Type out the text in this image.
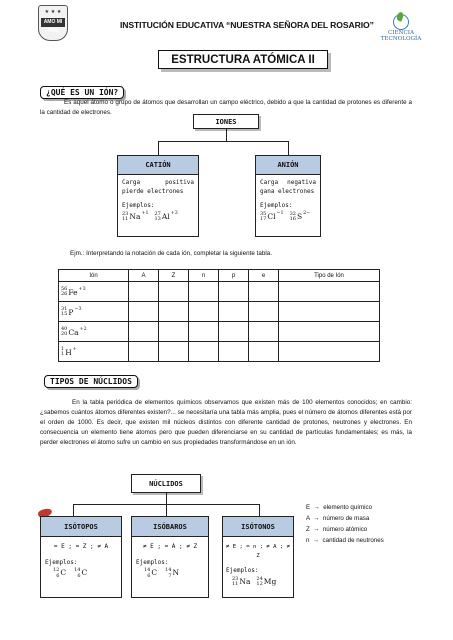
★ ★ ★
AMO MI PAIS
INSTITUCIÓN EDUCATIVA “NUESTRA SEÑORA DEL ROSARIO”
CIENCIA
TECNOLOGÍA
ESTRUCTURA ATÓMICA II
¿QUÉ ES UN IÓN?
Es aquel átomo o grupo de átomos que desarrollan un campo eléctrico, debido a que la cantidad de protones es diferente a la cantidad de electrones.
IONES
CATIÓN
Carga positiva pierde electrones
Ejemplos:
23
11 Na +1 27
13 Al +3
ANIÓN
Carga negativa gana electrones
Ejemplos:
35
17 Cl −1 32
16 S 2−
Ejm.: Interpretando la notación de cada ión, completar la siguiente tabla.
Ión	A	Z	n	p	e	Tipo de Ión

56
26 Fe +3						

31
15 P −3						

40
20 Ca +2						

1
1 H +						

TIPOS DE NÚCLIDOS
En la tabla periódica de elementos químicos observamos que existen más de 100 elementos conocidos; en cambio: ¿sabemos cuántos átomos diferentes existen?... se necesitaría una tabla más amplia, pues el número de átomos diferentes está por el orden de 1000. Es decir, que existen mil núcleos distintos con diferente cantidad de protones, neutrones y electrones. En consecuencia un elemento tiene átomos pero que pueden diferenciarse en su cantidad de partículas fundamentales; es más, la perder electrones el átomo sufre un cambio en sus propiedades transformándose en un ión.
NÚCLIDOS
ISÓTOPOS
= E ; = Z ; ≠ A
Ejemplos:
12
6 C 14
6 C
ISÓBAROS
≠ E ; = A ; ≠ Z
Ejemplos:
14
6 C 14
7 N
ISÓTONOS
≠ E ; = n ; ≠ A ; ≠ Z
Ejemplos:
23
11 Na 24
12 Mg
E  →  elemento químico
A  →  número de masa
Z  →  número atómico
n  →  cantidad de neutrones
